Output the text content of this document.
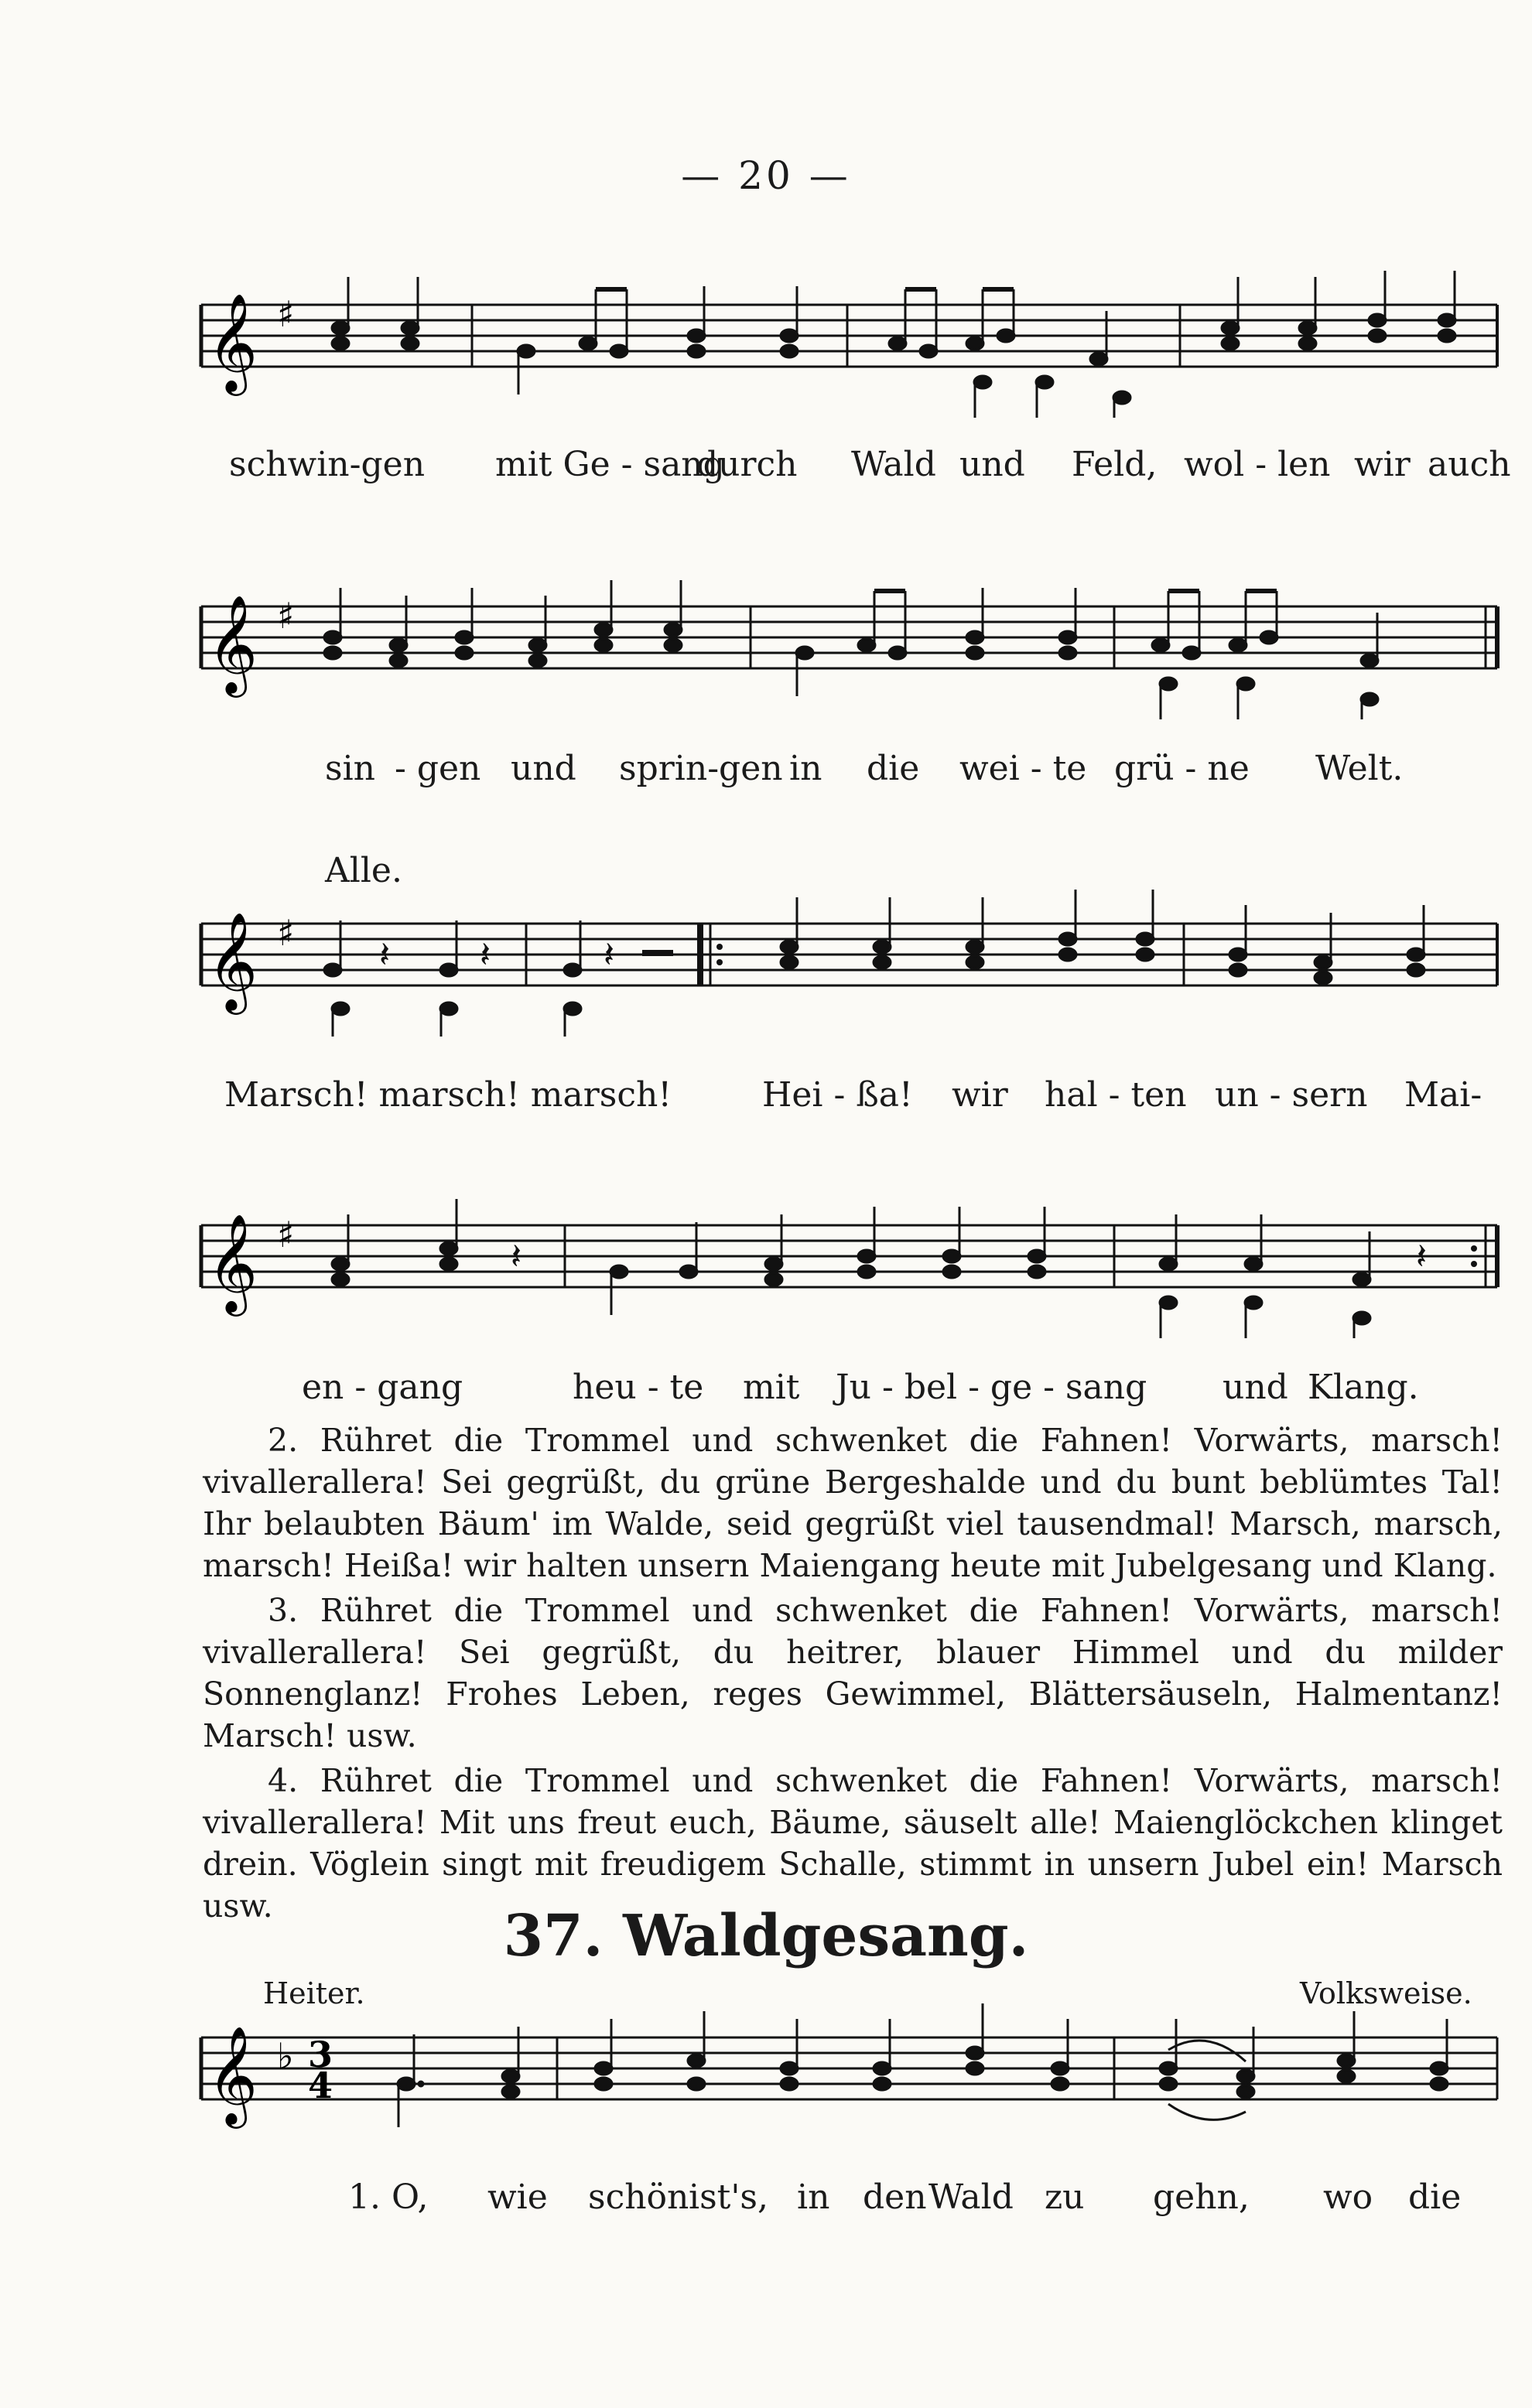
— 20 —
𝄞 ♯
schwin-gen mit Ge - sang
durch Wald und Feld, wol - len wir auch
𝄞 ♯
sin - gen und sprin-gen in die wei - te grü - ne Welt.
Alle.
𝄞 ♯
𝄽	𝄽	𝄽
Marsch! marsch! marsch!	Hei - ßa! wir hal - ten un - sern Mai-
𝄞 ♯
𝄽	𝄽
en - gang	heu - te mit Ju - bel - ge - sang und Klang.

2. Rühret die Trommel und schwenket die Fahnen! Vorwärts, marsch! vivallerallera! Sei gegrüßt, du grüne Bergeshalde und du bunt beblümtes Tal! Ihr belaubten Bäum' im Walde, seid gegrüßt viel tausendmal! Marsch, marsch, marsch! Heißa! wir halten unsern Maiengang heute mit Jubelgesang und Klang.

3. Rühret die Trommel und schwenket die Fahnen! Vorwärts, marsch! vivallerallera! Sei gegrüßt, du heitrer, blauer Himmel und du milder Sonnenglanz! Frohes Leben, reges Gewimmel, Blättersäuseln, Halmentanz! Marsch! usw.

4. Rühret die Trommel und schwenket die Fahnen! Vorwärts, marsch! vivallerallera! Mit uns freut euch, Bäume, säuselt alle! Maienglöckchen klinget drein. Vöglein singt mit freudigem Schalle, stimmt in unsern Jubel ein! Marsch usw.	37. Waldgesang.
Heiter.	Volksweise.
𝄞 ♭ 3
4
1. O, wie schön ist's, in den Wald zu gehn, wo die
